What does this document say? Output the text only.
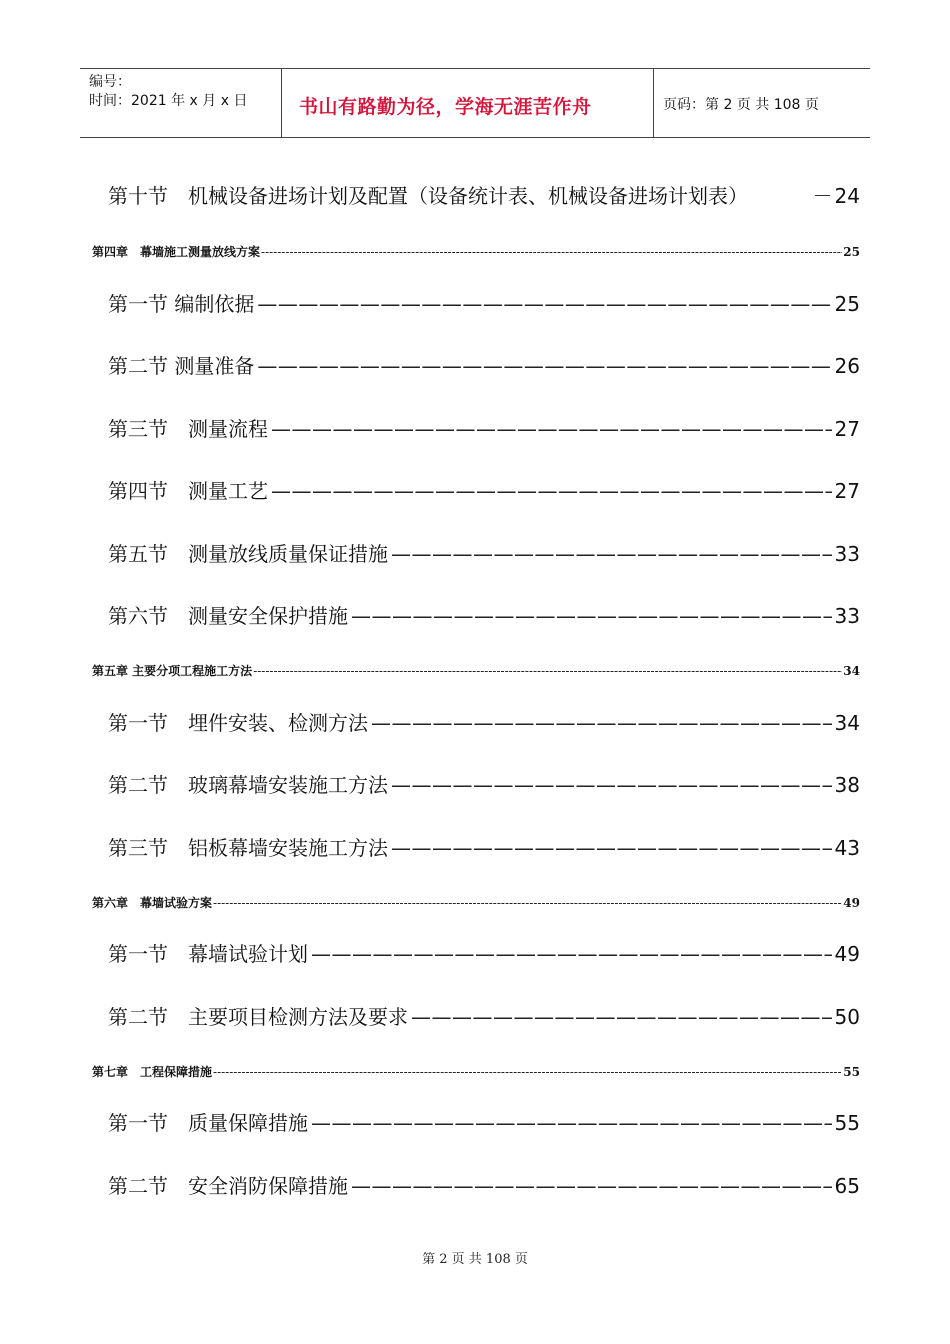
编号：
时间：2021 年 x 月 x 日	书山有路勤为径，学海无涯苦作舟	页码：第 2 页 共 108 页
第十节　机械设备进场计划及配置（设备统计表、机械设备进场计划表）	－ 24
第四章　幕墙施工测量放线方案 -----	25
第一节 编制依据 —————	25
第二节 测量准备 —————	26
第三节　测量流程 —————	27
第四节　测量工艺 —————	27
第五节　测量放线质量保证措施 —————	33
第六节　测量安全保护措施 —————	33
第五章 主要分项工程施工方法 -----	34
第一节　埋件安装、检测方法 —————	34
第二节　玻璃幕墙安装施工方法 —————	38
第三节　铝板幕墙安装施工方法 —————	43
第六章　幕墙试验方案 -----	49
第一节　幕墙试验计划 —————	49
第二节　主要项目检测方法及要求 —————	50
第七章　工程保障措施 -----	55
第一节　质量保障措施 —————	55
第二节　安全消防保障措施 —————	65
第 2 页 共 108 页
